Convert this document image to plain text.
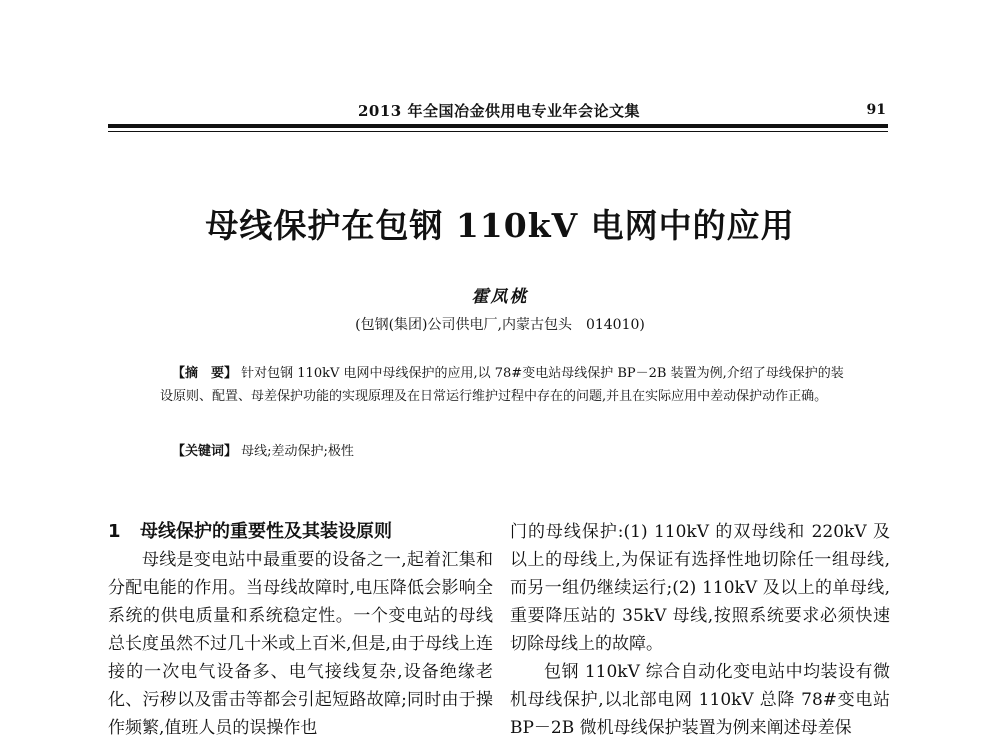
2013 年全国冶金供用电专业年会论文集	91
母线保护在包钢 110kV 电网中的应用
霍凤桃
(包钢(集团)公司供电厂,内蒙古包头　014010)
【摘　要】 针对包钢 110kV 电网中母线保护的应用,以 78#变电站母线保护 BP－2B 装置为例,介绍了母线保护的装设原则、配置、母差保护功能的实现原理及在日常运行维护过程中存在的问题,并且在实际应用中差动保护动作正确。
【关键词】 母线;差动保护;极性
1 母线保护的重要性及其装设原则

母线是变电站中最重要的设备之一,起着汇集和分配电能的作用。当母线故障时,电压降低会影响全系统的供电质量和系统稳定性。一个变电站的母线总长度虽然不过几十米或上百米,但是,由于母线上连接的一次电气设备多、电气接线复杂,设备绝缘老化、污秽以及雷击等都会引起短路故障;同时由于操作频繁,值班人员的误操作也

门的母线保护:(1) 110kV 的双母线和 220kV 及以上的母线上,为保证有选择性地切除任一组母线,而另一组仍继续运行;(2) 110kV 及以上的单母线,重要降压站的 35kV 母线,按照系统要求必须快速切除母线上的故障。

包钢 110kV 综合自动化变电站中均装设有微机母线保护,以北部电网 110kV 总降 78#变电站 BP－2B 微机母线保护装置为例来阐述母差保
